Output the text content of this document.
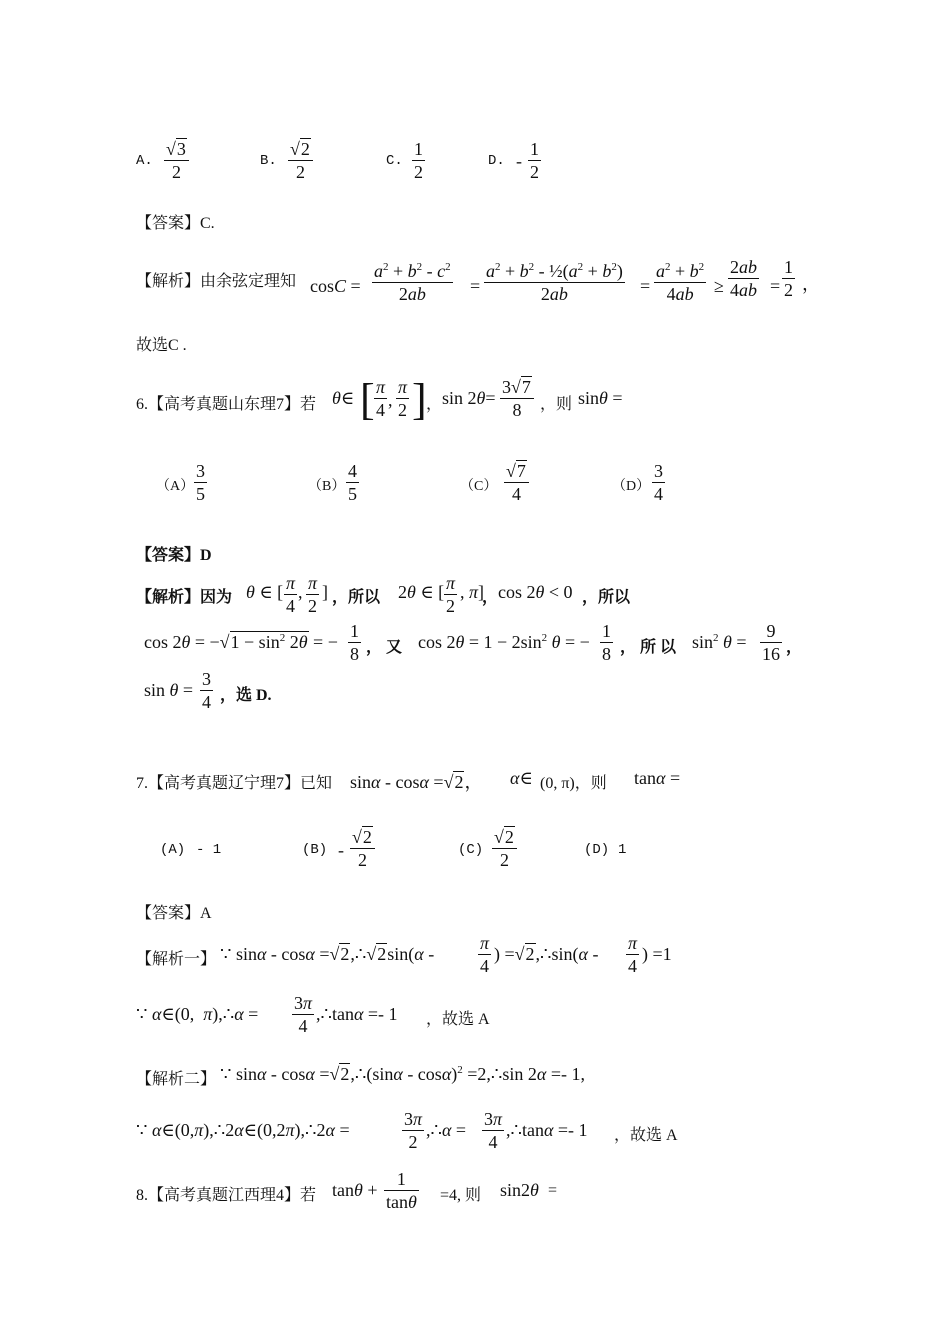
A.
√3
2
B.
√2
2
C.
1
2
D. -
1
2
【答案】C.
【解析】由余弦定理知 cosC =
$a^2 + b^2 - c^2$
2ab	=
$a^2 + b^2$ - $\frac{1}{2}(a^2 + b^2)$
2ab	=
$a^2 + b^2$
4ab	≥
2ab
4ab =
1
2 ，
故选C .
6.【高考真题山东理7】若 θ∈ [ π
4 ,
π
2 ] ， sin 2θ=
3√7
8	，则 sinθ =
（A）
3
5	（B）
4
5	（C）
√7
4	（D）
3
4
【答案】D
【解析】因为 θ ∈ [ π
4
, π
2
] ，所以 2θ ∈ [ π
2
, π]
， cos 2θ < 0 ，所以
$\cos 2\theta = -√1 - \sin^2 2\theta$ = −
1
8 ， 又 $\cos 2\theta = 1 - 2\sin^2$ θ = −
1
8 ， 所 以 $\sin^2 \theta$ =
9
16 ，
sin θ =
3
4 ，选 D.
7.【高考真题辽宁理7】已知 sinα - cosα =√2， α∈ (0, π)，则 tanα =
(A) - 1	(B) -
√2
2	(C)
√2
2	(D) 1
【答案】A
【解析一】 ∵ sinα - cosα =√2,∴√2sin(α -
π
4
) =√2,∴sin(α -
π
4
) =1
∵ α∈(0,  π),∴α =
3π
4
,∴tanα =- 1 ，故选 A
【解析二】 ∵ sinα - cosα =√2,∴(sinα - cosα)$^2$ =2,∴sin 2α =- 1,
∵ α∈(0,π),∴2α∈(0,2π),∴2α =
3π
2
,∴α =
3π
4
,∴tanα =- 1 ，故选 A
8.【高考真题江西理4】若 tanθ +
1
tanθ =4, 则 sin2θ =
